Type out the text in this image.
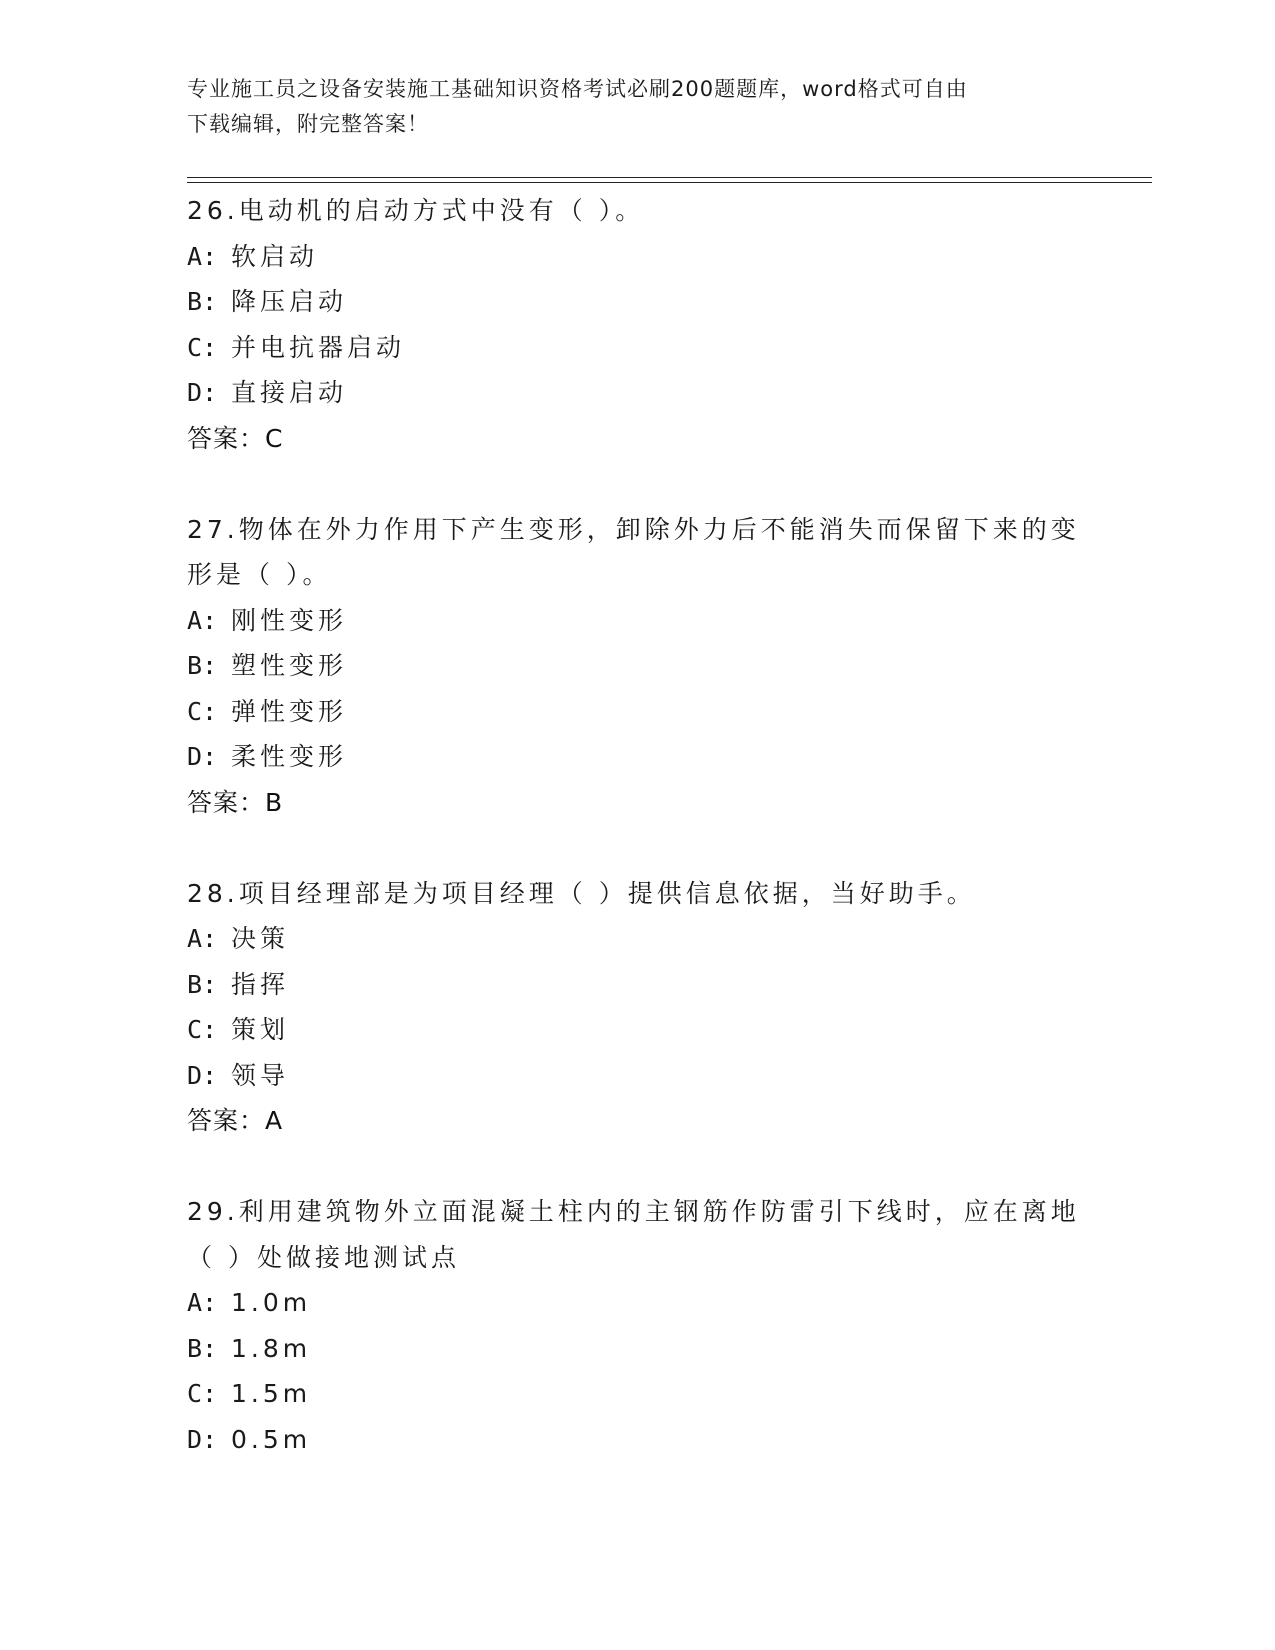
专业施工员之设备安装施工基础知识资格考试必刷200题题库，word格式可自由
下载编辑，附完整答案！

26.电动机的启动方式中没有（ ）。

A: 软启动

B: 降压启动

C: 并电抗器启动

D: 直接启动

答案：C

27.物体在外力作用下产生变形，卸除外力后不能消失而保留下来的变

形是（ ）。

A: 刚性变形

B: 塑性变形

C: 弹性变形

D: 柔性变形

答案：B

28.项目经理部是为项目经理（ ）提供信息依据，当好助手。

A: 决策

B: 指挥

C: 策划

D: 领导

答案：A

29.利用建筑物外立面混凝土柱内的主钢筋作防雷引下线时，应在离地

（ ）处做接地测试点

A: 1.0m

B: 1.8m

C: 1.5m

D: 0.5m
